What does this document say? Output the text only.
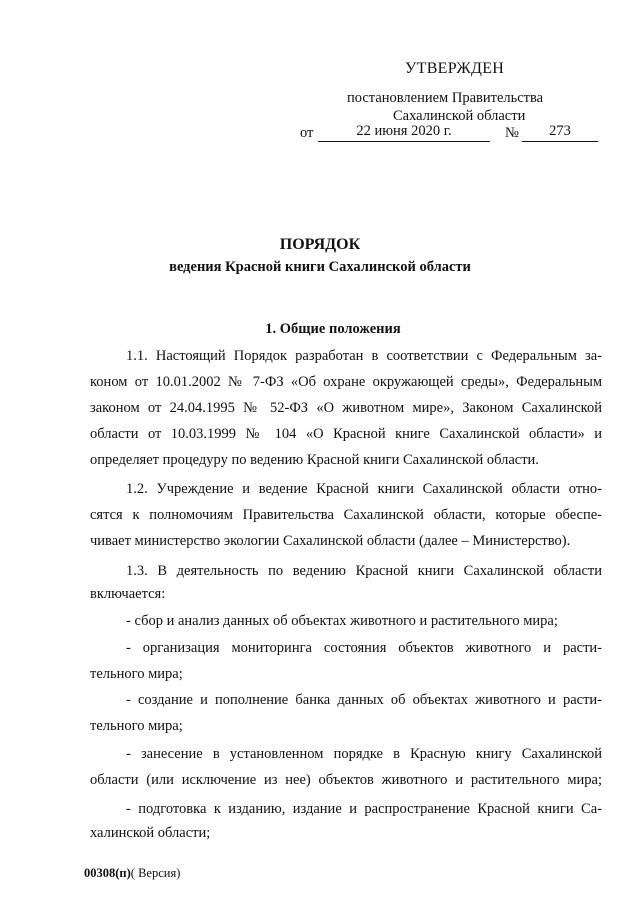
УТВЕРЖДЕН
постановлением Правительства
Сахалинской области
от	22 июня 2020 г.	№	273
ПОРЯДОК
ведения Красной книги Сахалинской области
1. Общие положения
1.1. Настоящий Порядок разработан в соответствии с Федеральным за-
коном от 10.01.2002 № 7-ФЗ «Об охране окружающей среды», Федеральным
законом от 24.04.1995 № 52-ФЗ «О животном мире», Законом Сахалинской
области от 10.03.1999 № 104 «О Красной книге Сахалинской области» и
определяет процедуру по ведению Красной книги Сахалинской области.
1.2. Учреждение и ведение Красной книги Сахалинской области отно-
сятся к полномочиям Правительства Сахалинской области, которые обеспе-
чивает министерство экологии Сахалинской области (далее – Министерство).
1.3. В деятельность по ведению Красной книги Сахалинской области
включается:
- сбор и анализ данных об объектах животного и растительного мира;
- организация мониторинга состояния объектов животного и расти-
тельного мира;
- создание и пополнение банка данных об объектах животного и расти-
тельного мира;
- занесение в установленном порядке в Красную книгу Сахалинской
области (или исключение из нее) объектов животного и растительного мира;
- подготовка к изданию, издание и распространение Красной книги Са-
халинской области;
00308(п)( Версия)
